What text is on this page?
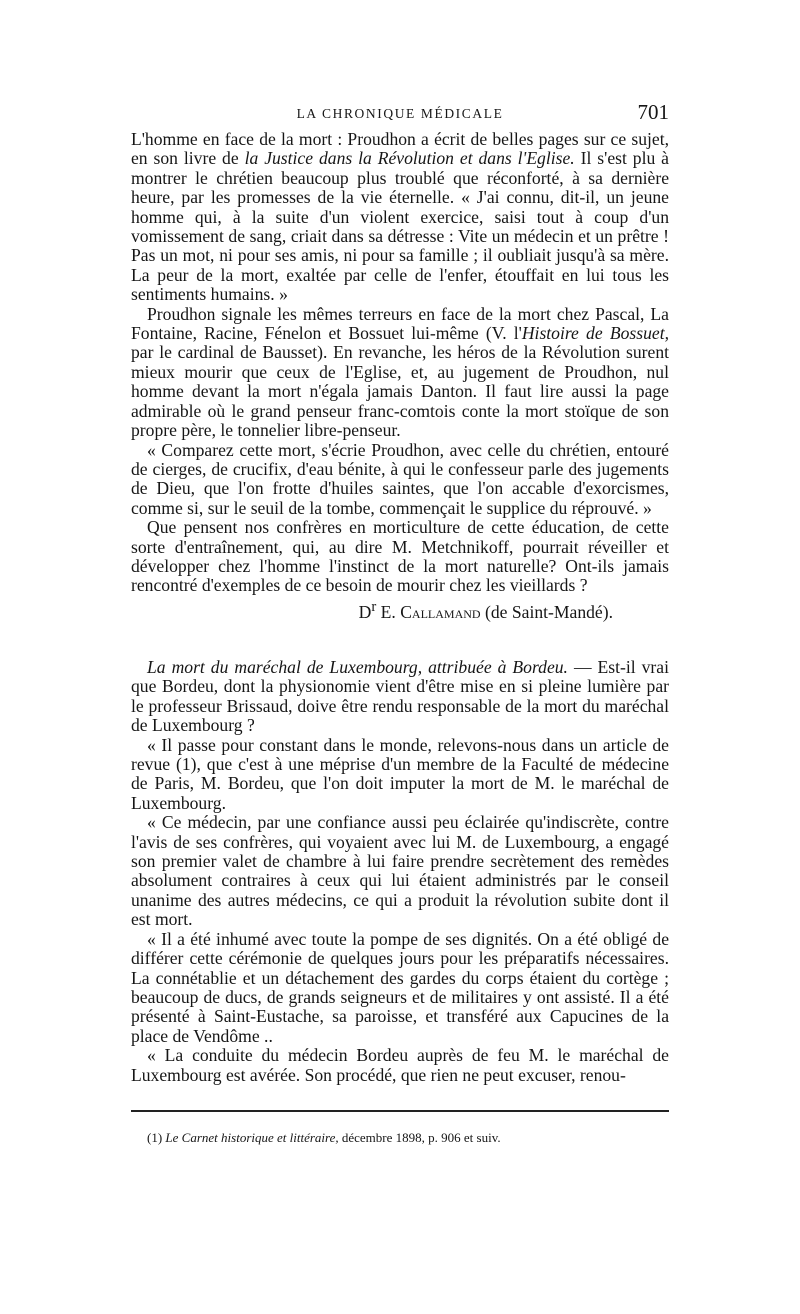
LA CHRONIQUE MÉDICALE	701

L'homme en face de la mort : Proudhon a écrit de belles pages sur ce sujet, en son livre de la Justice dans la Révolution et dans l'Eglise. Il s'est plu à montrer le chrétien beaucoup plus troublé que réconforté, à sa dernière heure, par les promesses de la vie éternelle. « J'ai connu, dit-il, un jeune homme qui, à la suite d'un violent exercice, saisi tout à coup d'un vomissement de sang, criait dans sa détresse : Vite un médecin et un prêtre ! Pas un mot, ni pour ses amis, ni pour sa famille ; il oubliait jusqu'à sa mère. La peur de la mort, exaltée par celle de l'enfer, étouffait en lui tous les sentiments humains. »

Proudhon signale les mêmes terreurs en face de la mort chez Pascal, La Fontaine, Racine, Fénelon et Bossuet lui-même (V. l'Histoire de Bossuet, par le cardinal de Bausset). En revanche, les héros de la Révolution surent mieux mourir que ceux de l'Eglise, et, au jugement de Proudhon, nul homme devant la mort n'égala jamais Danton. Il faut lire aussi la page admirable où le grand penseur franc-comtois conte la mort stoïque de son propre père, le tonnelier libre-penseur.

« Comparez cette mort, s'écrie Proudhon, avec celle du chrétien, entouré de cierges, de crucifix, d'eau bénite, à qui le confesseur parle des jugements de Dieu, que l'on frotte d'huiles saintes, que l'on accable d'exorcismes, comme si, sur le seuil de la tombe, commençait le supplice du réprouvé. »

Que pensent nos confrères en morticulture de cette éducation, de cette sorte d'entraînement, qui, au dire M. Metchnikoff, pourrait réveiller et développer chez l'homme l'instinct de la mort naturelle? Ont-ils jamais rencontré d'exemples de ce besoin de mourir chez les vieillards ?

$D^r$ E. Callamand (de Saint-Mandé).

La mort du maréchal de Luxembourg, attribuée à Bordeu. — Est-il vrai que Bordeu, dont la physionomie vient d'être mise en si pleine lumière par le professeur Brissaud, doive être rendu responsable de la mort du maréchal de Luxembourg ?

« Il passe pour constant dans le monde, relevons-nous dans un article de revue (1), que c'est à une méprise d'un membre de la Faculté de médecine de Paris, M. Bordeu, que l'on doit imputer la mort de M. le maréchal de Luxembourg.

« Ce médecin, par une confiance aussi peu éclairée qu'indiscrète, contre l'avis de ses confrères, qui voyaient avec lui M. de Luxembourg, a engagé son premier valet de chambre à lui faire prendre secrètement des remèdes absolument contraires à ceux qui lui étaient administrés par le conseil unanime des autres médecins, ce qui a produit la révolution subite dont il est mort.

« Il a été inhumé avec toute la pompe de ses dignités. On a été obligé de différer cette cérémonie de quelques jours pour les préparatifs nécessaires. La connétablie et un détachement des gardes du corps étaient du cortège ; beaucoup de ducs, de grands seigneurs et de militaires y ont assisté. Il a été présenté à Saint-Eustache, sa paroisse, et transféré aux Capucines de la place de Vendôme ..

« La conduite du médecin Bordeu auprès de feu M. le maréchal de Luxembourg est avérée. Son procédé, que rien ne peut excuser, renou-

(1) Le Carnet historique et littéraire, décembre 1898, p. 906 et suiv.
